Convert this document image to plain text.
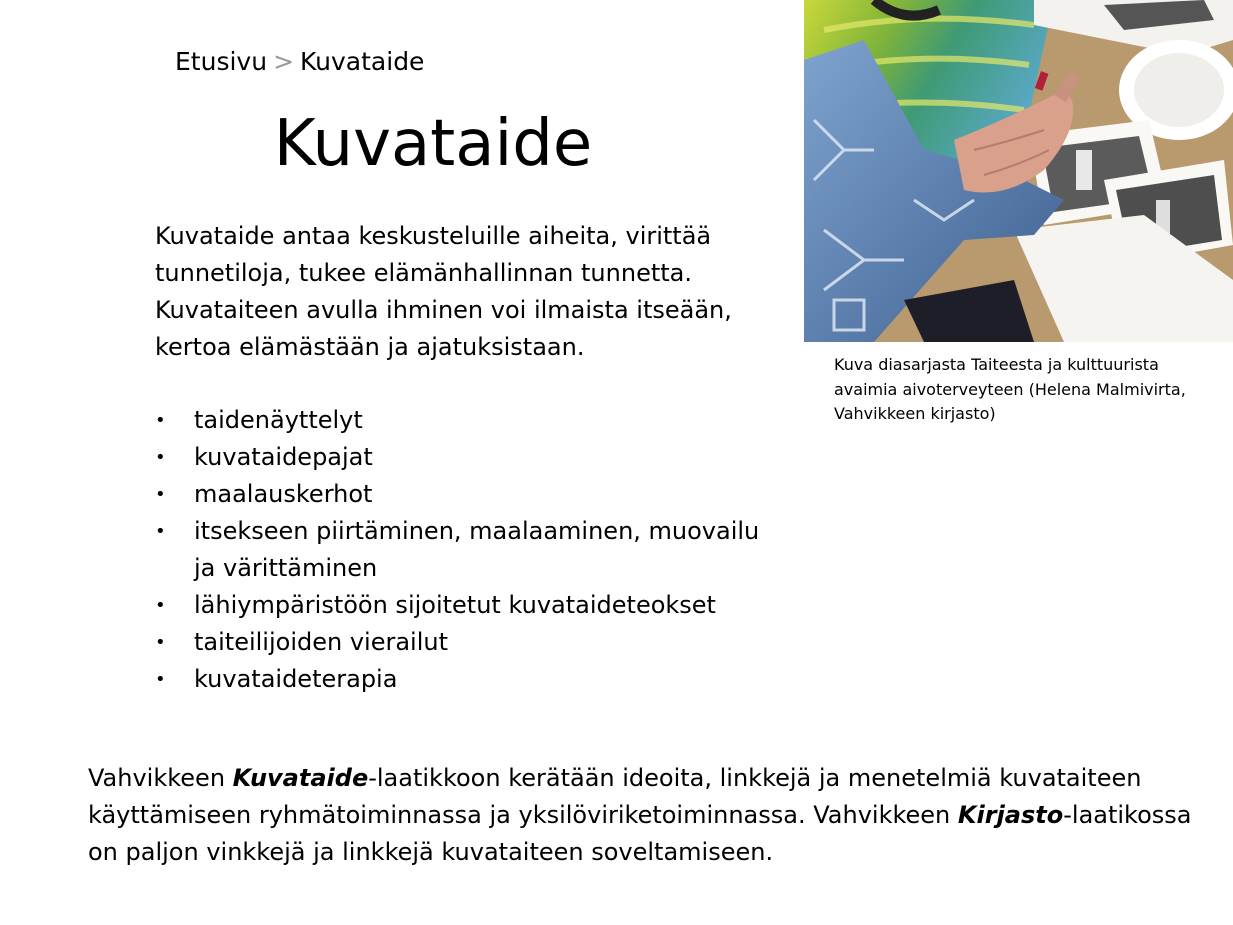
Etusivu > Kuvataide
Kuvataide

Kuvataide antaa keskusteluille aiheita, virittää tunnetiloja, tukee elämänhallinnan tunnetta. Kuvataiteen avulla ihminen voi ilmaista itseään, kertoa elämästään ja ajatuksistaan.

• taidenäyttelyt
• kuvataidepajat
• maalauskerhot
• itsekseen piirtäminen, maalaaminen, muovailu ja värittäminen
• lähiympäristöön sijoitetut kuvataideteokset
• taiteilijoiden vierailut
• kuvataideterapia
Kuva diasarjasta Taiteesta ja kulttuurista
avaimia aivoterveyteen (Helena Malmivirta,
Vahvikkeen kirjasto)

Vahvikkeen Kuvataide-laatikkoon kerätään ideoita, linkkejä ja menetelmiä kuvataiteen käyttämiseen ryhmätoiminnassa ja yksilöviriketoiminnassa. Vahvikkeen Kirjasto-laatikossa on paljon vinkkejä ja linkkejä kuvataiteen soveltamiseen.
